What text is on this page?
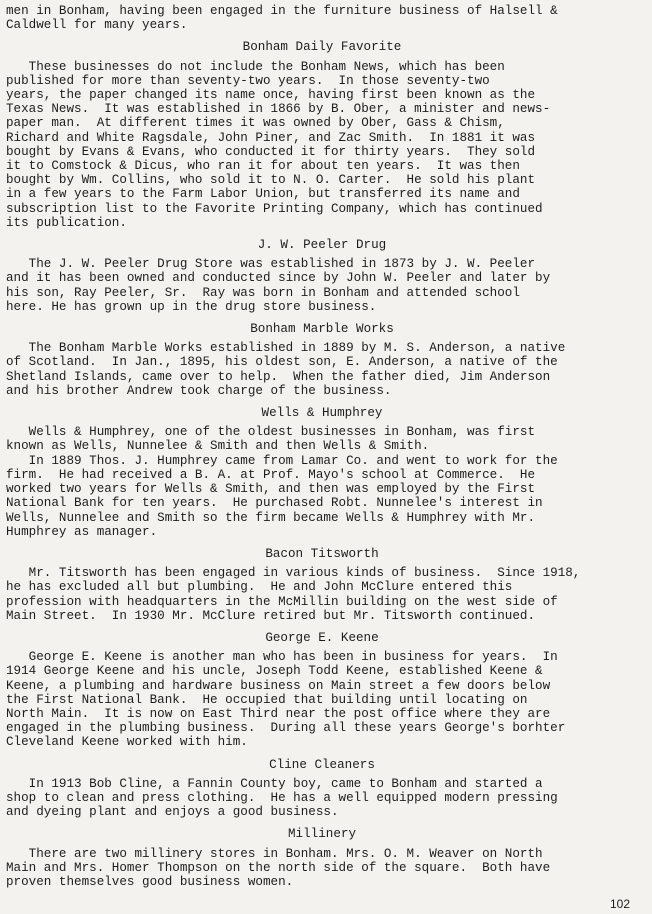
men in Bonham, having been engaged in the furniture business of Halsell &
Caldwell for many years.

Bonham Daily Favorite

These businesses do not include the Bonham News, which has been
published for more than seventy-two years.  In those seventy-two
years, the paper changed its name once, having first been known as the
Texas News.  It was established in 1866 by B. Ober, a minister and news-
paper man.  At different times it was owned by Ober, Gass & Chism,
Richard and White Ragsdale, John Piner, and Zac Smith.  In 1881 it was
bought by Evans & Evans, who conducted it for thirty years.  They sold
it to Comstock & Dicus, who ran it for about ten years.  It was then
bought by Wm. Collins, who sold it to N. O. Carter.  He sold his plant
in a few years to the Farm Labor Union, but transferred its name and
subscription list to the Favorite Printing Company, which has continued
its publication.

J. W. Peeler Drug

The J. W. Peeler Drug Store was established in 1873 by J. W. Peeler
and it has been owned and conducted since by John W. Peeler and later by
his son, Ray Peeler, Sr.  Ray was born in Bonham and attended school
here. He has grown up in the drug store business.

Bonham Marble Works

The Bonham Marble Works established in 1889 by M. S. Anderson, a native
of Scotland.  In Jan., 1895, his oldest son, E. Anderson, a native of the
Shetland Islands, came over to help.  When the father died, Jim Anderson
and his brother Andrew took charge of the business.

Wells & Humphrey

Wells & Humphrey, one of the oldest businesses in Bonham, was first
known as Wells, Nunnelee & Smith and then Wells & Smith.

In 1889 Thos. J. Humphrey came from Lamar Co. and went to work for the
firm.  He had received a B. A. at Prof. Mayo's school at Commerce.  He
worked two years for Wells & Smith, and then was employed by the First
National Bank for ten years.  He purchased Robt. Nunnelee's interest in
Wells, Nunnelee and Smith so the firm became Wells & Humphrey with Mr.
Humphrey as manager.

Bacon Titsworth

Mr. Titsworth has been engaged in various kinds of business.  Since 1918,
he has excluded all but plumbing.  He and John McClure entered this
profession with headquarters in the McMillin building on the west side of
Main Street.  In 1930 Mr. McClure retired but Mr. Titsworth continued.

George E. Keene

George E. Keene is another man who has been in business for years.  In
1914 George Keene and his uncle, Joseph Todd Keene, established Keene &
Keene, a plumbing and hardware business on Main street a few doors below
the First National Bank.  He occupied that building until locating on
North Main.  It is now on East Third near the post office where they are
engaged in the plumbing business.  During all these years George's borhter
Cleveland Keene worked with him.

Cline Cleaners

In 1913 Bob Cline, a Fannin County boy, came to Bonham and started a
shop to clean and press clothing.  He has a well equipped modern pressing
and dyeing plant and enjoys a good business.

Millinery

There are two millinery stores in Bonham. Mrs. O. M. Weaver on North
Main and Mrs. Homer Thompson on the north side of the square.  Both have
proven themselves good business women.

102
